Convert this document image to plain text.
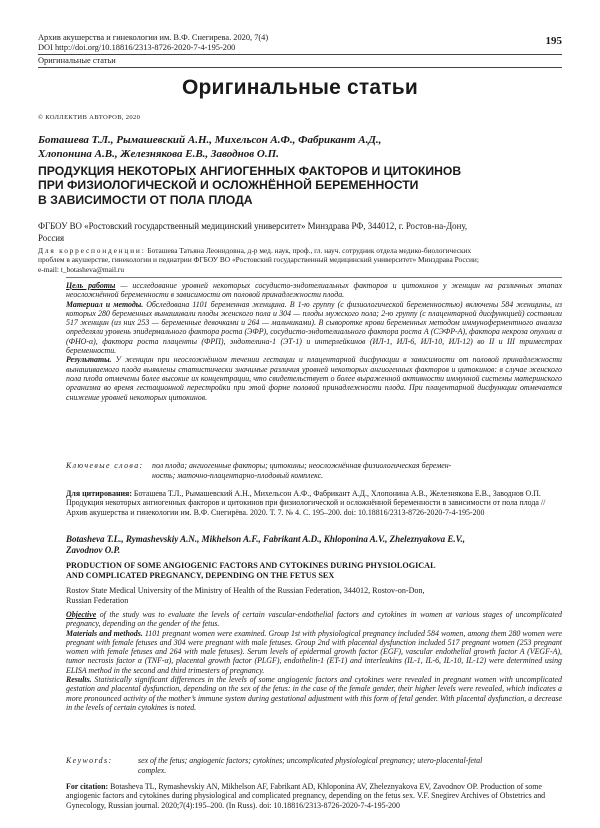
Архив акушерства и гинекологии им. В.Ф. Снегирева. 2020, 7(4)
DOI http://doi.org/10.18816/2313-8726-2020-7-4-195-200
195
Оригинальные статьи
Оригинальные статьи
© КОЛЛЕКТИВ АВТОРОВ, 2020
Боташева Т.Л., Рымашевский А.Н., Михельсон А.Ф., Фабрикант А.Д.,
Хлопонина А.В., Железнякова Е.В., Заводнов О.П.
ПРОДУКЦИЯ НЕКОТОРЫХ АНГИОГЕННЫХ ФАКТОРОВ И ЦИТОКИНОВ
ПРИ ФИЗИОЛОГИЧЕСКОЙ И ОСЛОЖНЁННОЙ БЕРЕМЕННОСТИ
В ЗАВИСИМОСТИ ОТ ПОЛА ПЛОДА
ФГБОУ ВО «Ростовский государственный медицинский университет» Минздрава РФ, 344012, г. Ростов-на-Дону,
Россия
Для корреспонденции: Боташева Татьяна Леонидовна, д-р мед. наук, проф., гл. науч. сотрудник отдела медико-биологических
проблем в акушерстве, гинекологии и педиатрии ФГБОУ ВО «Ростовский государственный медицинский университет» Минздрава России;
e-mail: t_botasheva@mail.ru
Цель работы — исследование уровней некоторых сосудисто-эндотелиальных факторов и цитокинов у женщин на различных этапах неосложнённой беременности в зависимости от половой принадлежности плода.
Материал и методы. Обследована 1101 беременная женщина. В 1-ю группу (с физиологической беременностью) включены 584 женщины, из которых 280 беременных вынашивали плоды женского пола и 304 — плоды мужского пола; 2-ю группу (с плацентарной дисфункцией) составили 517 женщин (из них 253 — беременные девочками и 264 — мальчиками). В сыворотке крови беременных методом иммуноферментного анализа определяли уровень эпидермального фактора роста (ЭФР), сосудисто-эндотелиального фактора роста А (СЭФР-А), фактора некроза опухоли α (ФНО-α), фактора роста плаценты (ФРП), эндотелина-1 (ЭТ-1) и интерлейкинов (ИЛ-1, ИЛ-6, ИЛ-10, ИЛ-12) во II и III триместрах беременности.
Результаты. У женщин при неосложнённом течении гестации и плацентарной дисфункции в зависимости от половой принадлежности вынашиваемого плода выявлены статистически значимые различия уровней некоторых ангиогенных факторов и цитокинов: в случае женского пола плода отмечены более высокие их концентрации, что свидетельствует о более выраженной активности иммунной системы материнского организма во время гестационной перестройки при этой форме половой принадлежности плода. При плацентарной дисфункции отмечается снижение уровней некоторых цитокинов.
Ключевые слова: пол плода; ангиогенные факторы; цитокины; неосложнённая физиологическая беремен-
ность; маточно-плацентарно-плодовый комплекс.
Для цитирования: Боташева Т.Л., Рымашевский А.Н., Михельсон А.Ф., Фабрикант А.Д., Хлопонина А.В., Железнякова Е.В., Заводнов О.П. Продукция некоторых ангиогенных факторов и цитокинов при физиологической и осложнённой беременности в зависимости от пола плода // Архив акушерства и гинекологии им. В.Ф. Снегирёва. 2020. Т. 7. № 4. С. 195–200. doi: 10.18816/2313-8726-2020-7-4-195-200
Botasheva T.L., Rymashevskiy A.N., Mikhelson A.F., Fabrikant A.D., Khloponina A.V., Zheleznyakova E.V.,
Zavodnov O.P.
PRODUCTION OF SOME ANGIOGENIC FACTORS AND CYTOKINES DURING PHYSIOLOGICAL
AND COMPLICATED PREGNANCY, DEPENDING ON THE FETUS SEX
Rostov State Medical University of the Ministry of Health of the Russian Federation, 344012, Rostov-on-Don,
Russian Federation
Objective of the study was to evaluate the levels of certain vascular-endothelial factors and cytokines in women at various stages of uncomplicated pregnancy, depending on the gender of the fetus.
Materials and methods. 1101 pregnant women were examined. Group 1st with physiological pregnancy included 584 women, among them 280 women were pregnant with female fetuses and 304 were pregnant with male fetuses. Group 2nd with placental dysfunction included 517 pregnant women (253 pregnant women with female fetuses and 264 with male fetuses). Serum levels of epidermal growth factor (EGF), vascular endothelial growth factor A (VEGF-A), tumor necrosis factor α (TNF-α), placental growth factor (PLGF), endothelin-1 (ET-1) and interleukins (IL-1, IL-6, IL-10, IL-12) were determined using ELISA method in the second and third trimesters of pregnancy.
Results. Statistically significant differences in the levels of some angiogenic factors and cytokines were revealed in pregnant women with uncomplicated gestation and placental dysfunction, depending on the sex of the fetus: in the case of the female gender, their higher levels were revealed, which indicates a more pronounced activity of the mother’s immune system during gestational adjustment with this form of fetal gender. With placental dysfunction, a decrease in the levels of certain cytokines is noted.
Keywords:	sex of the fetus; angiogenic factors; cytokines; uncomplicated physiological pregnancy; utero-placental-fetal
complex.
For citation: Botasheva TL, Rymashevskiy AN, Mikhelson AF, Fabrikant AD, Khloponina AV, Zheleznyakova EV, Zavodnov OP. Production of some angiogenic factors and cytokines during physiological and complicated pregnancy, depending on the fetus sex. V.F. Snegirev Archives of Obstetrics and Gynecology, Russian journal. 2020;7(4):195–200. (In Russ). doi: 10.18816/2313-8726-2020-7-4-195-200
